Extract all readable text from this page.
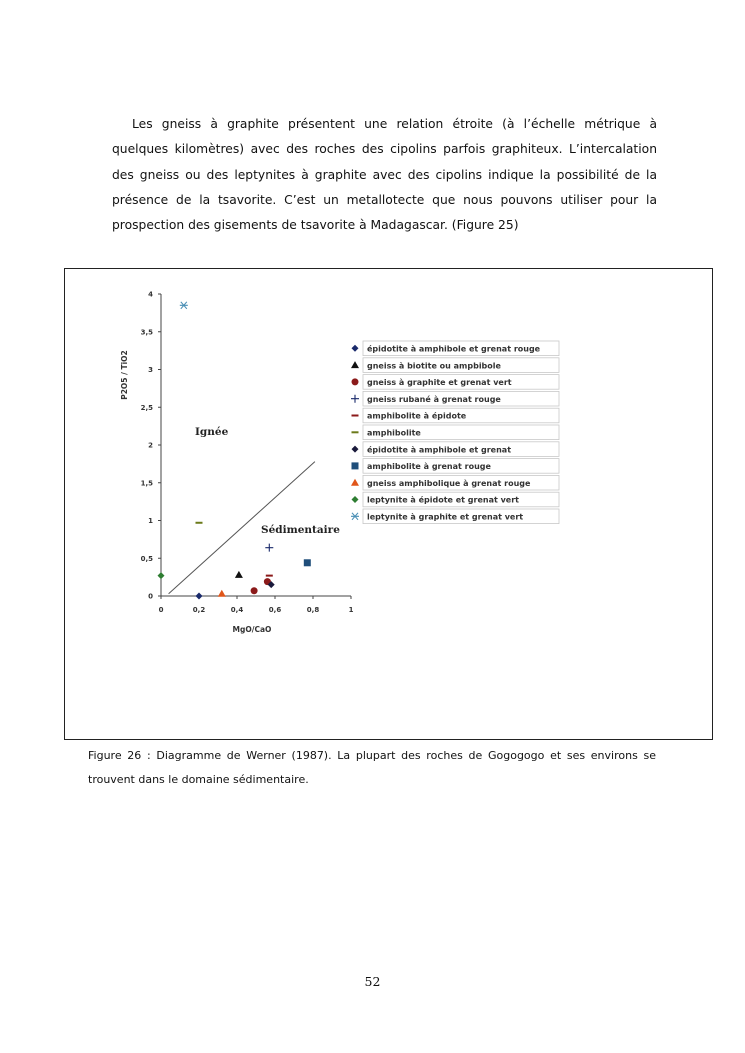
Les gneiss à graphite présentent une relation étroite (à l’échelle métrique à quelques kilomètres) avec des roches des cipolins parfois graphiteux. L’intercalation des gneiss ou des leptynites à graphite avec des cipolins indique la possibilité de la présence de la tsavorite. C’est un metallotecte que nous pouvons utiliser pour la prospection des gisements de tsavorite à Madagascar. (Figure 25)

0	0,2	0,4	0,6	0,8	1
0
0,5
1
1,5
2
2,5
3
3,5
4
MgO/CaO
P2O5 / TiO2
Ignée
Sédimentaire
épidotite à amphibole et grenat rouge
gneiss à biotite ou ampbibole
gneiss à graphite et grenat vert
gneiss rubané à grenat rouge
amphibolite à épidote
amphibolite
épidotite à amphibole et grenat
amphibolite à grenat rouge
gneiss amphibolique à grenat rouge
leptynite à épidote et grenat vert
leptynite à graphite et grenat vert

Figure 26 : Diagramme de Werner (1987). La plupart des roches de Gogogogo et ses environs se trouvent dans le domaine sédimentaire.

52
